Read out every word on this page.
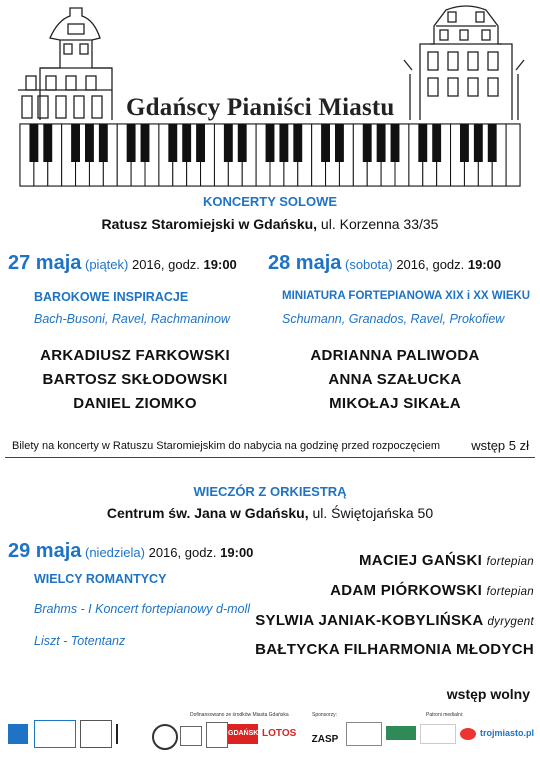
Gdańscy Pianiści Miastu
KONCERTY SOLOWE
Ratusz Staromiejski w Gdańsku, ul. Korzenna 33/35
27 maja (piątek) 2016, godz. 19:00
BAROKOWE INSPIRACJE
Bach-Busoni, Ravel, Rachmaninow
ARKADIUSZ FARKOWSKI
BARTOSZ SKŁODOWSKI
DANIEL ZIOMKO
28 maja (sobota) 2016, godz. 19:00
MINIATURA FORTEPIANOWA XIX i XX WIEKU
Schumann, Granados, Ravel, Prokofiew
ADRIANNA PALIWODA
ANNA SZAŁUCKA
MIKOŁAJ SIKAŁA
Bilety na koncerty w Ratuszu Staromiejskim do nabycia na godzinę przed rozpoczęciem wstęp 5 zł
WIECZÓR Z ORKIESTRĄ
Centrum św. Jana w Gdańsku, ul. Świętojańska 50
29 maja (niedziela) 2016, godz. 19:00
WIELCY ROMANTYCY
Brahms - I Koncert fortepianowy d-moll
Liszt - Totentanz
MACIEJ GAŃSKI fortepian
ADAM PIÓRKOWSKI fortepian
SYLWIA JANIAK-KOBYLIŃSKA dyrygent
BAŁTYCKA FILHARMONIA MŁODYCH
wstęp wolny
Dofinansowano ze środków Miasta Gdańska	Sponsorzy:	Patroni medialni:
GDAŃSK LOTOS
ZASP
trojmiasto.pl
